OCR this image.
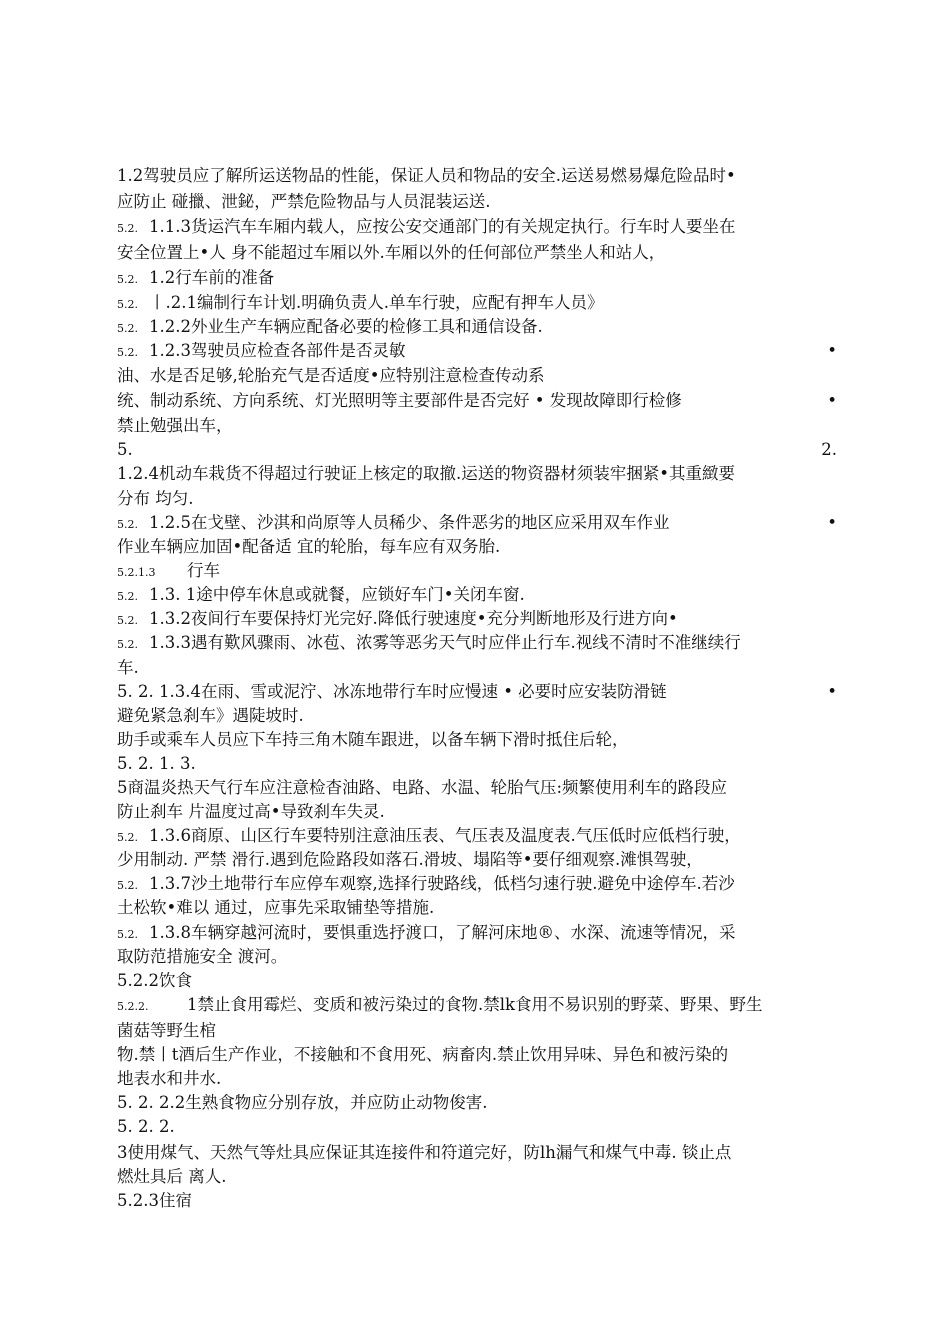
1.2驾驶员应了解所运送物品的性能，保证人员和物品的安全.运送易燃易爆危险品时•
应防止 碰擸、泄鉍，严禁危险物品与人员混装运送.
5.2. 1.1.3货运汽车车厢内载人，应按公安交通部门的有关规定执行。行车时人要坐在
安全位置上•人 身不能超过车厢以外.车厢以外的任何部位严禁坐人和站人，
5.2. 1.2行车前的准备
5.2. 丨.2.1编制行车计划.明确负责人.单车行驶，应配有押车人员》
5.2. 1.2.2外业生产车辆应配备必要的检修工具和通信设备.
5.2. 1.2.3驾驶员应检查各部件是否灵敏	•
油、水是否足够,轮胎充气是否适度•应特别注意检查传动系
统、制动系统、方向系统、灯光照明等主要部件是否完好 • 发现故障即行检修	•
禁止勉强出车，
5.	2.
1.2.4机动车栽货不得超过行驶证上核定的取撤.运送的物资器材须装牢捆紧•其重緻要
分布 均匀.
5.2. 1.2.5在戈壁、沙淇和尚原等人员稀少、条件恶劣的地区应采用双车作业	•
作业车辆应加固•配备适 宜的轮胎，每车应有双务胎.
5.2.1.3 行车
5.2. 1.3. 1途中停车休息或就餐，应锁好车门•关闭车窗.
5.2. 1.3.2夜间行车要保持灯光完好.降低行驶速度•充分判断地形及行进方向•
5.2. 1.3.3遇有歎风骤雨、冰苞、浓雾等恶劣天气时应伴止行车.视线不清时不准继续行
车.
5. 2. 1.3.4在雨、雪或泥泞、冰冻地带行车时应慢速 • 必要时应安装防滑链	•
避免紧急刹车》遇陡坡时.
助手或乘车人员应下车持三角木随车跟进，以备车辆下滑时抵住后轮，
5. 2. 1. 3.
5商温炎热天气行车应注意检杳油路、电路、水温、轮胎气压:频繁使用利车的路段应
防止刹车 片温度过高•导致刹车失灵.
5.2. 1.3.6商原、山区行车要特别注意油压表、气压表及温度表.气压低时应低档行驶，
少用制动. 严禁 滑行.遇到危险路段如落石.滑坡、塌陷等•要仔细观察.滩惧驾驶，
5.2. 1.3.7沙土地带行车应停车观察,选择行驶路线，低档匀速行驶.避免中途停车.若沙
土松软•难以 通过，应事先采取铺垫等措施.
5.2. 1.3.8车辆穿越河流时，要惧重选抒渡口，了解河床地®、水深、流速等情况，采
取防范措施安全 渡河。
5.2.2饮食
5.2.2. 1禁止食用霉烂、变质和被污染过的食物.禁lk食用不易识别的野菜、野果、野生
菌菇等野生棺
物.禁丨t酒后生产作业，不接触和不食用死、病畜肉.禁止饮用异味、异色和被污染的
地表水和井水.
5. 2. 2.2生熟食物应分别存放，并应防止动物俊害.
5. 2. 2.
3使用煤气、天然气等灶具应保证其连接件和符道完好，防lh漏气和煤气中毒. 锬止点
燃灶具后 离人.
5.2.3住宿
